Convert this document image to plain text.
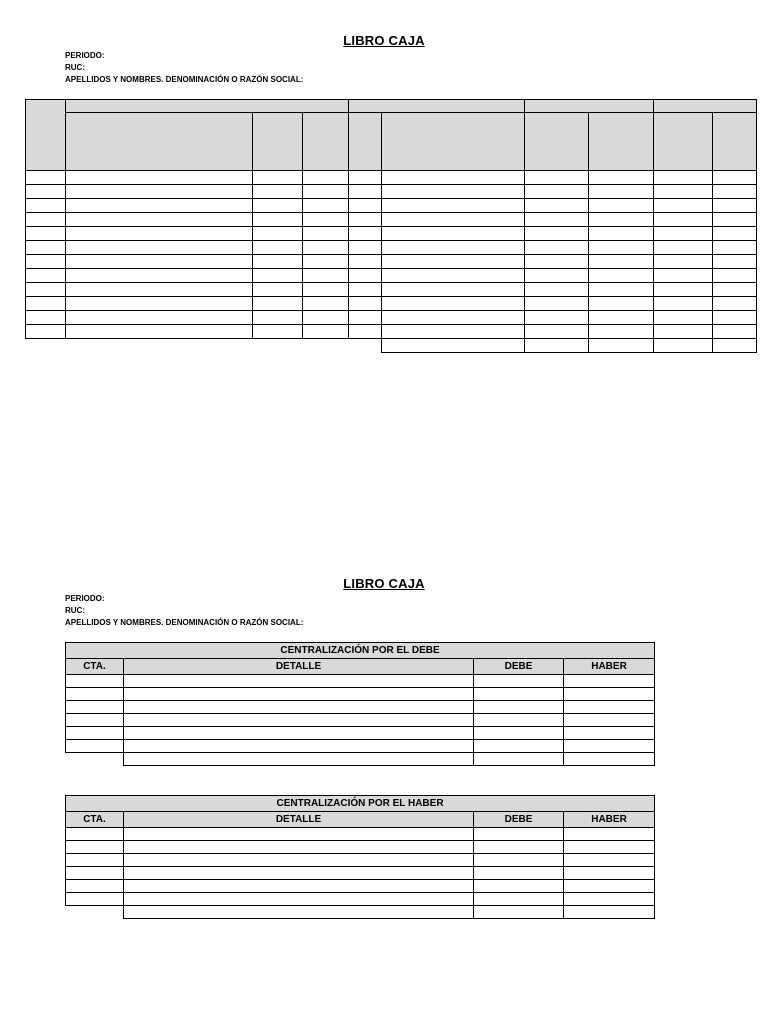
LIBRO CAJA
PERIODO:
RUC:
APELLIDOS Y NOMBRES. DENOMINACIÓN O RAZÓN SOCIAL:
LIBRO CAJA
PERIODO:
RUC:
APELLIDOS Y NOMBRES. DENOMINACIÓN O RAZÓN SOCIAL:
CENTRALIZACIÓN POR EL DEBE			
CTA.	DETALLE	DEBE	HABER

CENTRALIZACIÓN POR EL HABER			
CTA.	DETALLE	DEBE	HABER
